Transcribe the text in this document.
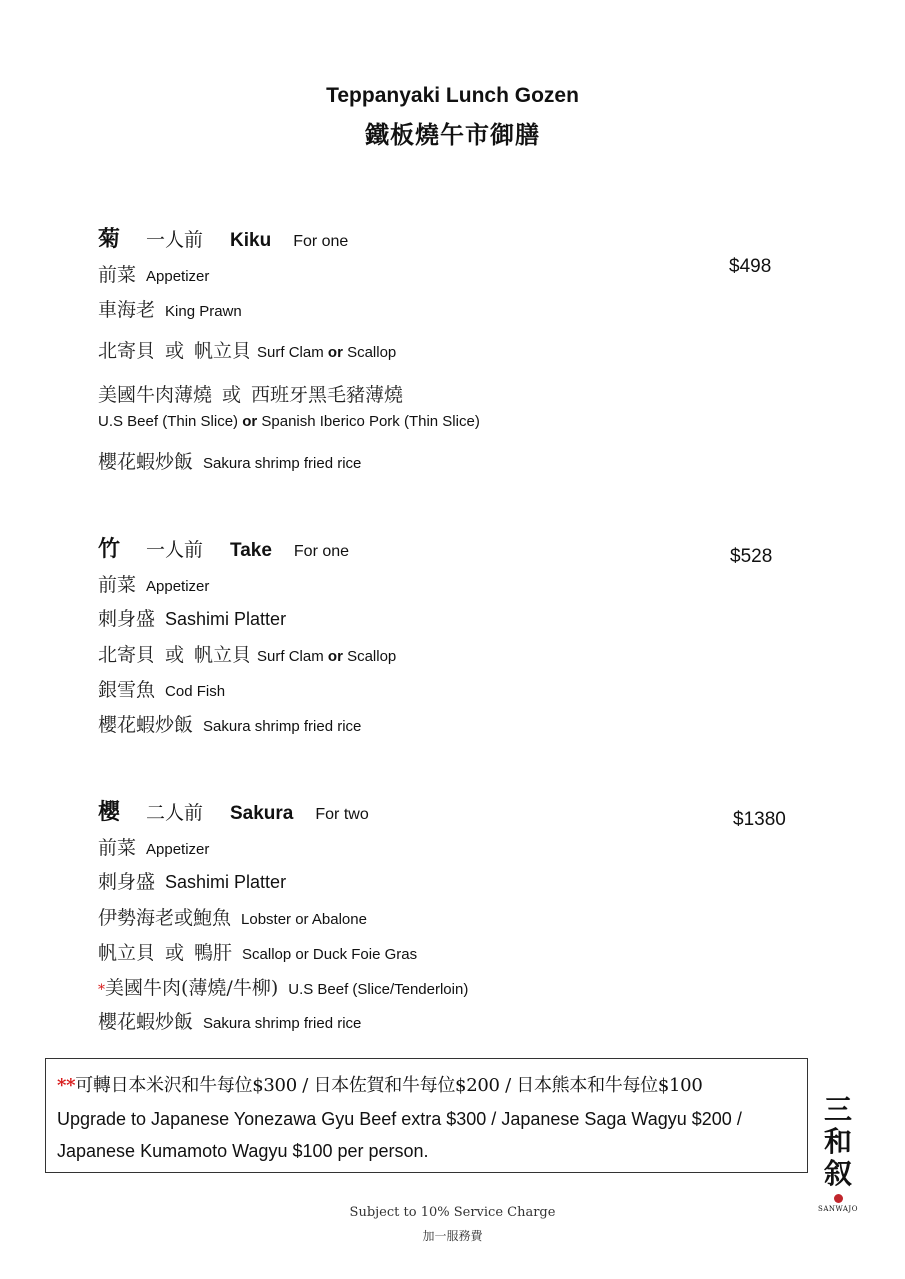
Teppanyaki Lunch Gozen
鐵板燒午市御膳
菊	一人前	Kiku For one
$498
前菜 Appetizer
車海老 King Prawn
北寄貝 或 帆立貝 Surf Clam
or
Scallop
美國牛肉薄燒 或 西班牙黑毛豬薄燒
U.S Beef (Thin Slice)
or
Spanish Iberico Pork (Thin Slice)
櫻花蝦炒飯 Sakura shrimp fried rice
竹	一人前	Take For one	$528
前菜 Appetizer
刺身盛 Sashimi Platter
北寄貝 或 帆立貝 Surf Clam
or
Scallop
銀雪魚 Cod Fish
櫻花蝦炒飯 Sakura shrimp fried rice
櫻	二人前	Sakura For two	$1380
前菜 Appetizer
刺身盛 Sashimi Platter
伊勢海老或鮑魚 Lobster or Abalone
帆立貝 或 鴨肝 Scallop or Duck Foie Gras
* 美國牛肉(薄燒/牛柳) U.S Beef (Slice/Tenderloin)
櫻花蝦炒飯 Sakura shrimp fried rice
**可轉日本米沢和牛每位$300 / 日本佐賀和牛每位$200 / 日本熊本和牛每位$100
Upgrade to Japanese Yonezawa Gyu Beef extra $300 / Japanese Saga Wagyu $200 / Japanese Kumamoto Wagyu $100 per person.
三
和
叙
SANWAJO
Subject to 10% Service Charge
加一服務費
